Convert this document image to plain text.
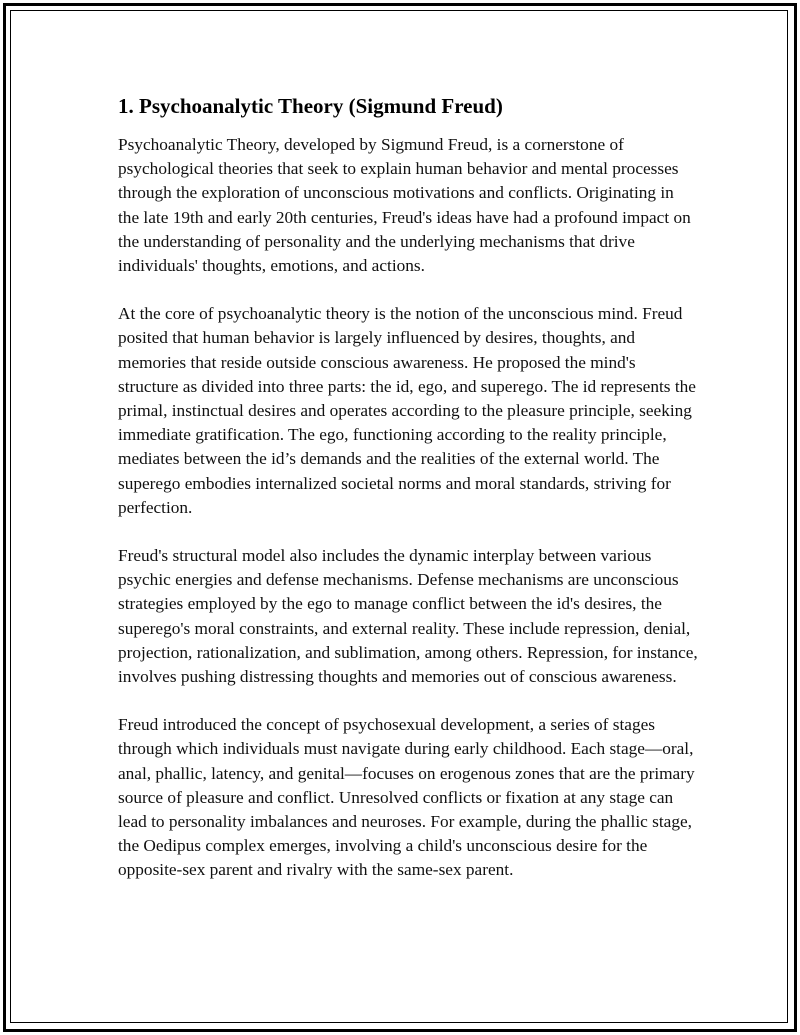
1. Psychoanalytic Theory (Sigmund Freud)

Psychoanalytic Theory, developed by Sigmund Freud, is a cornerstone of psychological theories that seek to explain human behavior and mental processes through the exploration of unconscious motivations and conflicts. Originating in the late 19th and early 20th centuries, Freud's ideas have had a profound impact on the understanding of personality and the underlying mechanisms that drive individuals' thoughts, emotions, and actions.

At the core of psychoanalytic theory is the notion of the unconscious mind. Freud posited that human behavior is largely influenced by desires, thoughts, and memories that reside outside conscious awareness. He proposed the mind's structure as divided into three parts: the id, ego, and superego. The id represents the primal, instinctual desires and operates according to the pleasure principle, seeking immediate gratification. The ego, functioning according to the reality principle, mediates between the id’s demands and the realities of the external world. The superego embodies internalized societal norms and moral standards, striving for perfection.

Freud's structural model also includes the dynamic interplay between various psychic energies and defense mechanisms. Defense mechanisms are unconscious strategies employed by the ego to manage conflict between the id's desires, the superego's moral constraints, and external reality. These include repression, denial, projection, rationalization, and sublimation, among others. Repression, for instance, involves pushing distressing thoughts and memories out of conscious awareness.

Freud introduced the concept of psychosexual development, a series of stages through which individuals must navigate during early childhood. Each stage—oral, anal, phallic, latency, and genital—focuses on erogenous zones that are the primary source of pleasure and conflict. Unresolved conflicts or fixation at any stage can lead to personality imbalances and neuroses. For example, during the phallic stage, the Oedipus complex emerges, involving a child's unconscious desire for the opposite-sex parent and rivalry with the same-sex parent.
